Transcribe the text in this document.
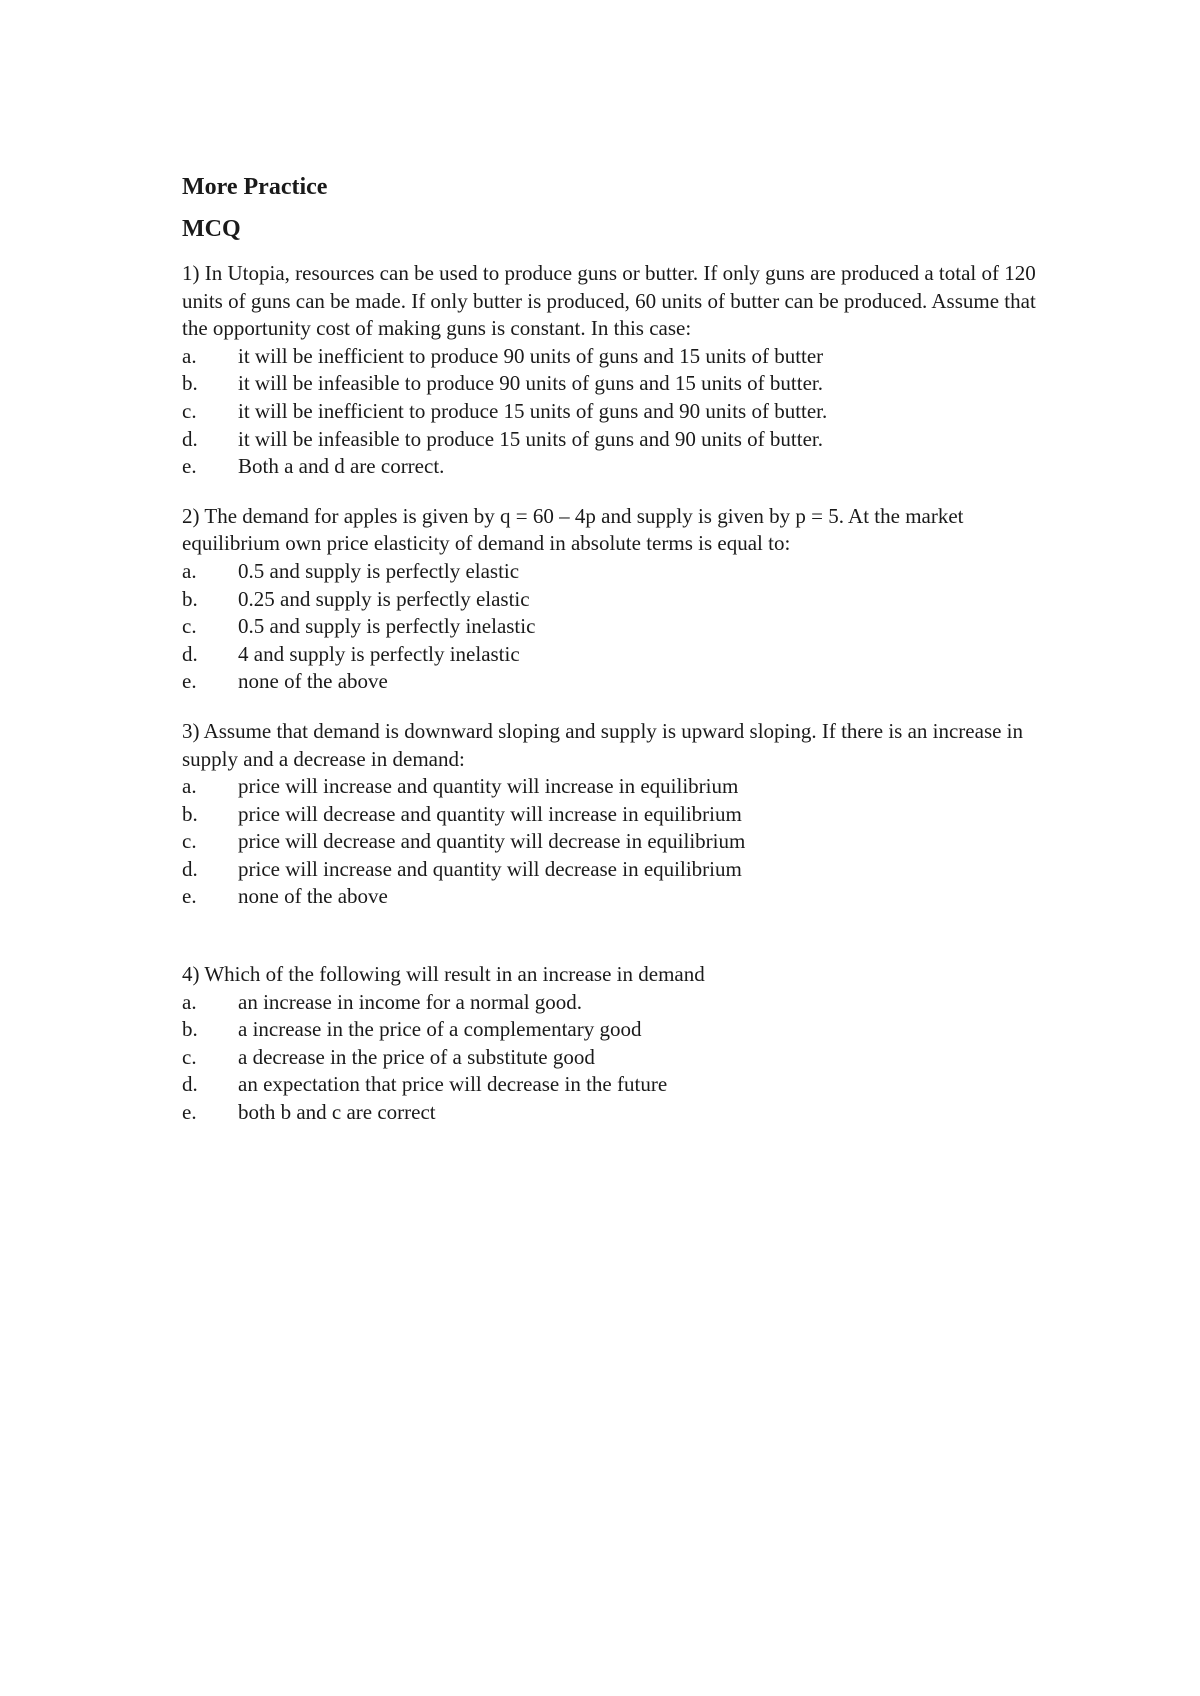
More Practice
MCQ

1) In Utopia, resources can be used to produce guns or butter. If only guns are produced a total of 120 units of guns can be made. If only butter is produced, 60 units of butter can be produced. Assume that the opportunity cost of making guns is constant. In this case:

a.	it will be inefficient to produce 90 units of guns and 15 units of butter
b.	it will be infeasible to produce 90 units of guns and 15 units of butter.
c.	it will be inefficient to produce 15 units of guns and 90 units of butter.
d.	it will be infeasible to produce 15 units of guns and 90 units of butter.
e.	Both a and d are correct.

2) The demand for apples is given by q = 60 – 4p and supply is given by p = 5. At the market equilibrium own price elasticity of demand in absolute terms is equal to:

a.	0.5 and supply is perfectly elastic
b.	0.25 and supply is perfectly elastic
c.	0.5 and supply is perfectly inelastic
d.	4 and supply is perfectly inelastic
e.	none of the above

3) Assume that demand is downward sloping and supply is upward sloping. If there is an increase in supply and a decrease in demand:

a.	price will increase and quantity will increase in equilibrium
b.	price will decrease and quantity will increase in equilibrium
c.	price will decrease and quantity will decrease in equilibrium
d.	price will increase and quantity will decrease in equilibrium
e.	none of the above

4) Which of the following will result in an increase in demand

a.	an increase in income for a normal good.
b.	a increase in the price of a complementary good
c.	a decrease in the price of a substitute good
d.	an expectation that price will decrease in the future
e.	both b and c are correct
